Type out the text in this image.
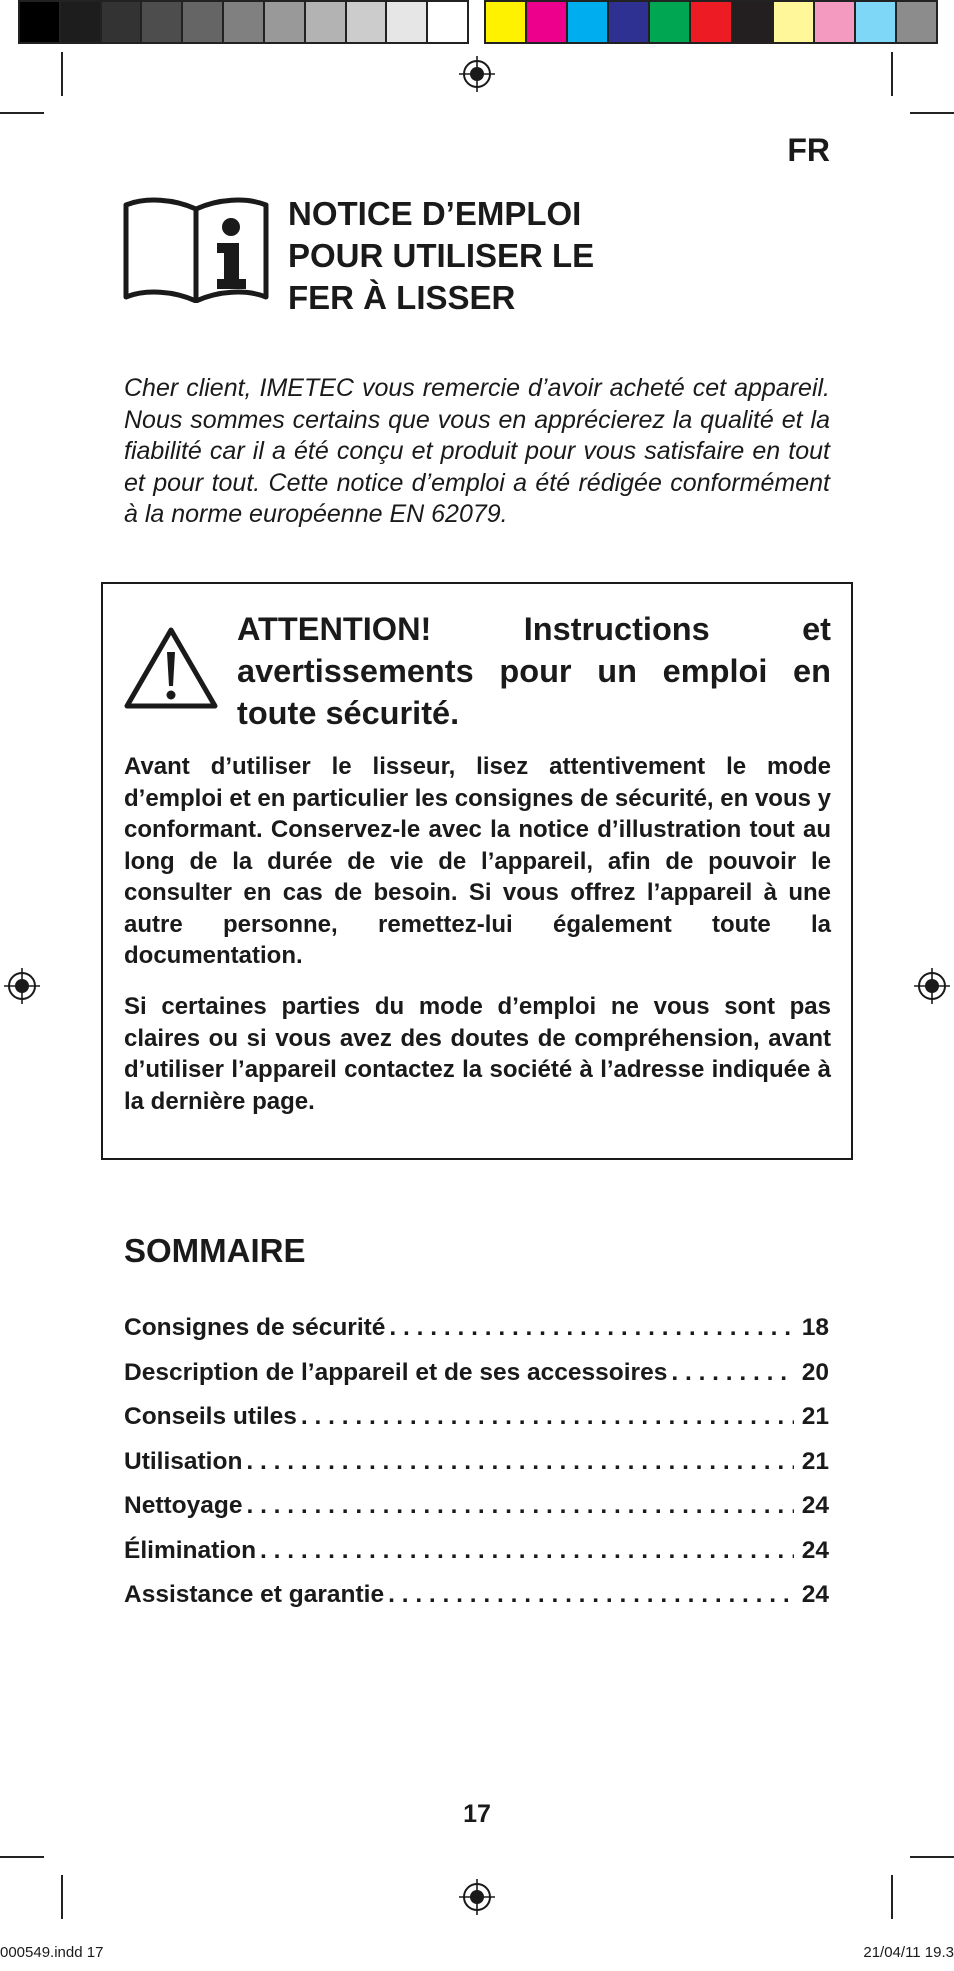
FR
NOTICE D’EMPLOI
POUR UTILISER LE
FER À LISSER

Cher client, IMETEC vous remercie d’avoir acheté cet appareil. Nous sommes certains que vous en apprécierez la qualité et la fiabilité car il a été conçu et produit pour vous satisfaire en tout et pour tout. Cette notice d’emploi a été rédigée conformément à la norme européenne EN 62079.

ATTENTION!	Instructions	et
avertissements pour un emploi en toute sécurité.

Avant d’utiliser le lisseur, lisez attentivement le mode d’emploi et en particulier les consignes de sécurité, en vous y conformant. Conservez-le avec la notice d’illustration tout au long de la durée de vie de l’appareil, afin de pouvoir le consulter en cas de besoin. Si vous offrez l’appareil à une autre personne, remettez-lui également toute la documentation.

Si certaines parties du mode d’emploi ne vous sont pas claires ou si vous avez des doutes de compréhension, avant d’utiliser l’appareil contactez la société à l’adresse indiquée à la dernière page.

SOMMAIRE
Consignes de sécurité . . .	18
Description de l’appareil et de ses accessoires . . .	20
Conseils utiles . . .	21
Utilisation . . .	21
Nettoyage . . .	24
Élimination . . .	24
Assistance et garantie . . .	24
17
000549.indd 17	21/04/11 19.3
